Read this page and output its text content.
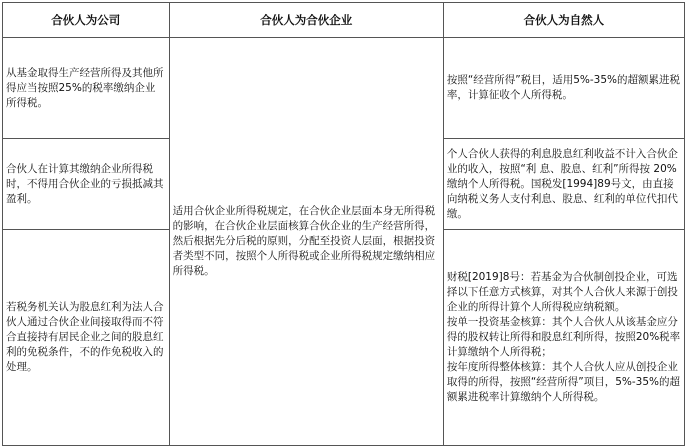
合伙人为公司	合伙人为合伙企业	合伙人为自然人
从基金取得生产经营所得及其他所得应当按照25%的税率缴纳企业所得税。	适用合伙企业所得税规定，在合伙企业层面本身无所得税的影响，在合伙企业层面核算合伙企业的生产经营所得，然后根据先分后税的原则，分配至投资人层面，根据投资者类型不同，按照个人所得税或企业所得税规定缴纳相应所得税。	按照“经营所得”税目，适用5%-35%的超额累进税率，计算征收个人所得税。

合伙人在计算其缴纳企业所得税时，不得用合伙企业的亏损抵减其盈利。		个人合伙人获得的利息股息红利收益不计入合伙企业的收入，按照“利 息、股息、红利”所得按 20%缴纳个人所得税。国税发[1994]89号文，由直接向纳税义务人支付利息、股息、红利的单位代扣代缴。

若税务机关认为股息红利为法人合伙人通过合伙企业间接取得而不符合直接持有居民企业之间的股息红利的免税条件，不的作免税收入的处理。		财税[2019]8号：若基金为合伙制创投企业，可选择以下任意方式核算，对其个人合伙人来源于创投企业的所得计算个人所得税应纳税额。
按单一投资基金核算：其个人合伙人从该基金应分得的股权转让所得和股息红利所得，按照20%税率计算缴纳个人所得税；
按年度所得整体核算：其个人合伙人应从创投企业取得的所得，按照“经营所得”项目，5%-35%的超额累进税率计算缴纳个人所得税。
